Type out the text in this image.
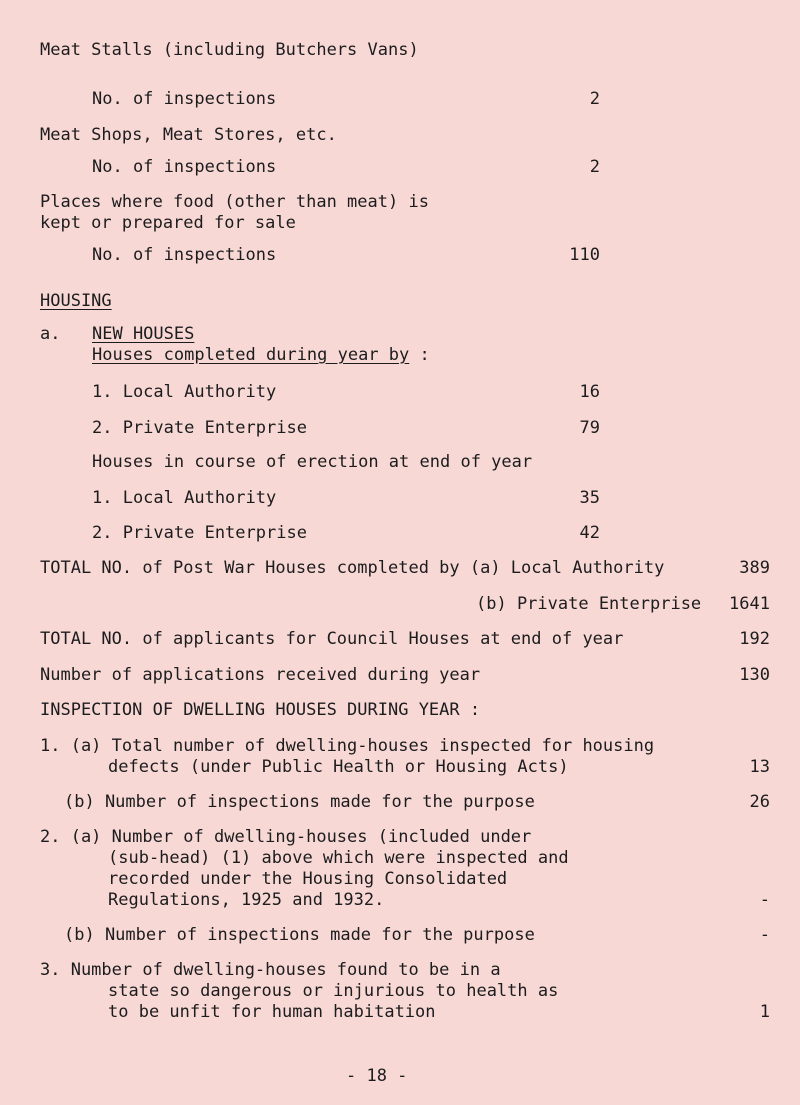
Meat Stalls (including Butchers Vans)
No. of inspections	2
Meat Shops, Meat Stores, etc.
No. of inspections	2
Places where food (other than meat) is
kept or prepared for sale
No. of inspections	110
HOUSING
a. NEW HOUSES
Houses completed during year by :
1. Local Authority	16
2. Private Enterprise	79
Houses in course of erection at end of year
1. Local Authority	35
2. Private Enterprise	42
TOTAL NO. of Post War Houses completed by (a) Local Authority	389
(b) Private Enterprise	1641
TOTAL NO. of applicants for Council Houses at end of year	192
Number of applications received during year	130
INSPECTION OF DWELLING HOUSES DURING YEAR :
1. (a) Total number of dwelling-houses inspected for housing
defects (under Public Health or Housing Acts)	13
(b) Number of inspections made for the purpose	26
2. (a) Number of dwelling-houses (included under
(sub-head) (1) above which were inspected and
recorded under the Housing Consolidated
Regulations, 1925 and 1932.	-
(b) Number of inspections made for the purpose	-
3. Number of dwelling-houses found to be in a
state so dangerous or injurious to health as
to be unfit for human habitation	1
- 18 -
